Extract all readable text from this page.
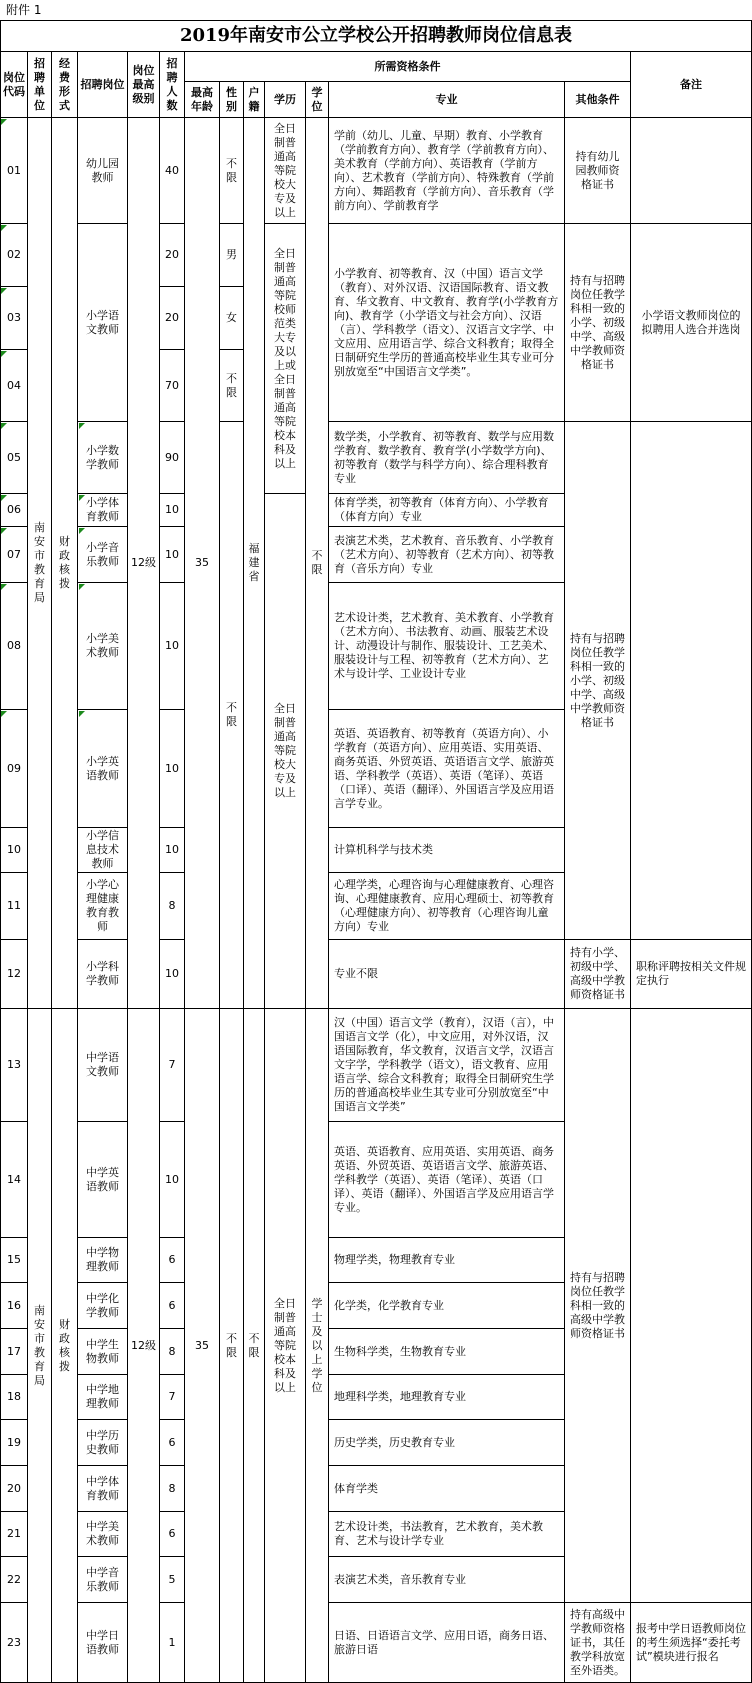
附件 1
2019年南安市公立学校公开招聘教师岗位信息表
岗位代码
招聘单位
经费形式
招聘岗位
岗位最高级别
招聘人数
所需资格条件
备注
最高年龄
性别
户籍
学历
学位
专业	其他条件
01
02
03
04
05
06
07
08
09
10
11
12
13
14
15
16
17
18
19
20
21
22
23
南安市教育局
南安市教育局
财政核拨
财政核拨
幼儿园教师
小学语文教师
小学数学教师
小学体育教师
小学音乐教师
小学美术教师
小学英语教师
小学信息技术教师
小学心理健康教育教师
小学科学教师
中学语文教师
中学英语教师
中学物理教师
中学化学教师
中学生物教师
中学地理教师
中学历史教师
中学体育教师
中学美术教师
中学音乐教师
中学日语教师
12级
12级
40
20
20
70
90
10
10
10
10
10
8
10
7
10
6
6
8
7
6
8
6
5
1
35
35
不限
男
女
不限
不限
不限
福建省
不限
全日制普通高等院校大专及以上
全日制普通高等院校师范类大专及以上或全日制普通高等院校本科及以上
全日制普通高等院校大专及以上
全日制普通高等院校本科及以上
不限
学士及以上学位
学前（幼儿、儿童、早期）教育、小学教育（学前教育方向）、教育学（学前教育方向）、美术教育（学前方向）、英语教育（学前方向）、艺术教育（学前方向）、特殊教育（学前方向）、舞蹈教育（学前方向）、音乐教育（学前方向）、学前教育学
小学教育、初等教育、汉（中国）语言文学（教育）、对外汉语、汉语国际教育、语文教育、华文教育、中文教育、教育学(小学教育方向)、教育学（小学语文与社会方向）、汉语（言）、学科教学（语文）、汉语言文字学、中文应用、应用语言学、综合文科教育；取得全日制研究生学历的普通高校毕业生其专业可分别放宽至“中国语言文学类”。
数学类，小学教育、初等教育、数学与应用数学教育、数学教育、教育学(小学数学方向)、初等教育（数学与科学方向）、综合理科教育专业
体育学类，初等教育（体育方向）、小学教育（体育方向）专业
表演艺术类，艺术教育、音乐教育、小学教育（艺术方向）、初等教育（艺术方向）、初等教育（音乐方向）专业
艺术设计类，艺术教育、美术教育、小学教育（艺术方向）、书法教育、动画、服装艺术设计、动漫设计与制作、服装设计、工艺美术、服装设计与工程、初等教育（艺术方向）、艺术与设计学、工业设计专业
英语、英语教育、初等教育（英语方向）、小学教育（英语方向）、应用英语、实用英语、商务英语、外贸英语、英语语言文学、旅游英语、学科教学（英语）、英语（笔译）、英语（口译）、英语（翻译）、外国语言学及应用语言学专业。
计算机科学与技术类
心理学类，心理咨询与心理健康教育、心理咨询、心理健康教育、应用心理硕士、初等教育（心理健康方向）、初等教育（心理咨询儿童方向）专业
专业不限
汉（中国）语言文学（教育），汉语（言），中国语言文学（化），中文应用，对外汉语，汉语国际教育，华文教育，汉语言文学，汉语言文字学，学科教学（语文），语文教育、应用语言学、综合文科教育；取得全日制研究生学历的普通高校毕业生其专业可分别放宽至“中国语言文学类”
英语、英语教育、应用英语、实用英语、商务英语、外贸英语、英语语言文学、旅游英语、学科教学（英语）、英语（笔译）、英语（口译）、英语（翻译）、外国语言学及应用语言学专业。
物理学类，物理教育专业
化学类，化学教育专业
生物科学类，生物教育专业
地理科学类，地理教育专业
历史学类，历史教育专业
体育学类
艺术设计类，书法教育，艺术教育，美术教育、艺术与设计学专业
表演艺术类，音乐教育专业
日语、日语语言文学、应用日语，商务日语、旅游日语
持有幼儿园教师资格证书
持有与招聘岗位任教学科相一致的小学、初级中学、高级中学教师资格证书
持有与招聘岗位任教学科相一致的小学、初级中学、高级中学教师资格证书
持有小学、初级中学、高级中学教师资格证书
持有与招聘岗位任教学科相一致的高级中学教师资格证书
持有高级中学教师资格证书，其任教学科放宽至外语类。
小学语文教师岗位的拟聘用人选合并选岗
职称评聘按相关文件规定执行
报考中学日语教师岗位的考生须选择“委托考试”模块进行报名
